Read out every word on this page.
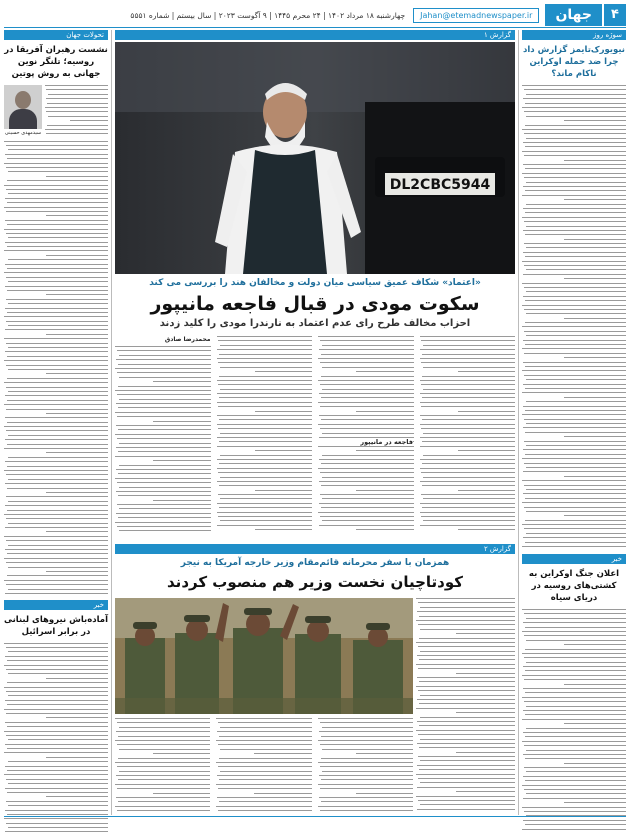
۴
جهان
Jahan@etemadnewspaper.ir
چهارشنبه ۱۸ مرداد ۱۴۰۲ | ۲۴ محرم ۱۴۴۵ | ۹ آگوست ۲۰۲۳ | سال بیستم | شماره ۵۵۵۱
سوژه روز
نیویورک‌تایمز گزارش داد چرا ضد حمله اوکراین ناکام ماند؟
خبر
اعلان جنگ اوکراین به کشتی‌های روسیه در دریای سیاه
تحولات جهان
نشست رهبران آفریقا در روسیه؛ تلنگر نوین جهانی به روش پوتین
سیدمهدی حسینی
خبر
آماده‌باش نیروهای لبنانی در برابر اسرائیل
گزارش ۱
DL2CBC5944
«اعتماد» شکاف عمیق سیاسی میان دولت و مخالفان هند را بررسی می کند
سکوت مودی در قبال فاجعه مانیپور
احزاب مخالف طرح رای عدم اعتماد به نارندرا مودی را کلید زدند
محمدرضا صادق
فاجعه در مانیپور
گزارش ۲
همزمان با سفر محرمانه قائم‌مقام وزیر خارجه آمریکا به نیجر
کودتاچیان نخست وزیر هم منصوب کردند
